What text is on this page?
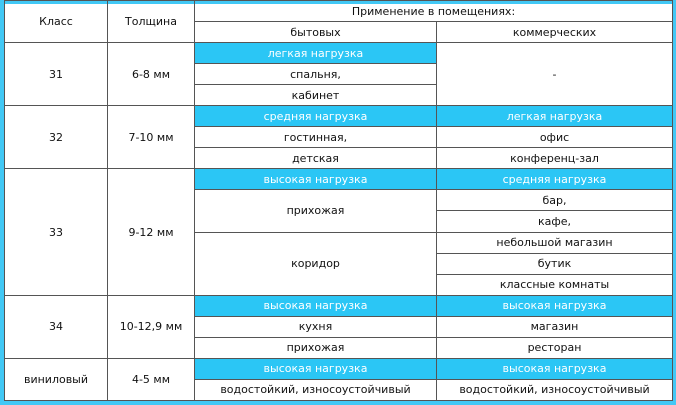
Класс	Толщина	Применение в помещениях:	
		бытовых	коммерческих
31	6-8 мм	легкая нагрузка	-
		спальня,	
		кабинет	
32	7-10 мм	средняя нагрузка	легкая нагрузка
		гостинная,	офис
		детская	конференц-зал
33	9-12 мм	высокая нагрузка	средняя нагрузка
		прихожая	бар,
			кафе,
		коридор	небольшой магазин
			бутик
			классные комнаты
34	10-12,9 мм	высокая нагрузка	высокая нагрузка
		кухня	магазин
		прихожая	ресторан
виниловый	4-5 мм	высокая нагрузка	высокая нагрузка
		водостойкий, износоустойчивый	водостойкий, износоустойчивый
